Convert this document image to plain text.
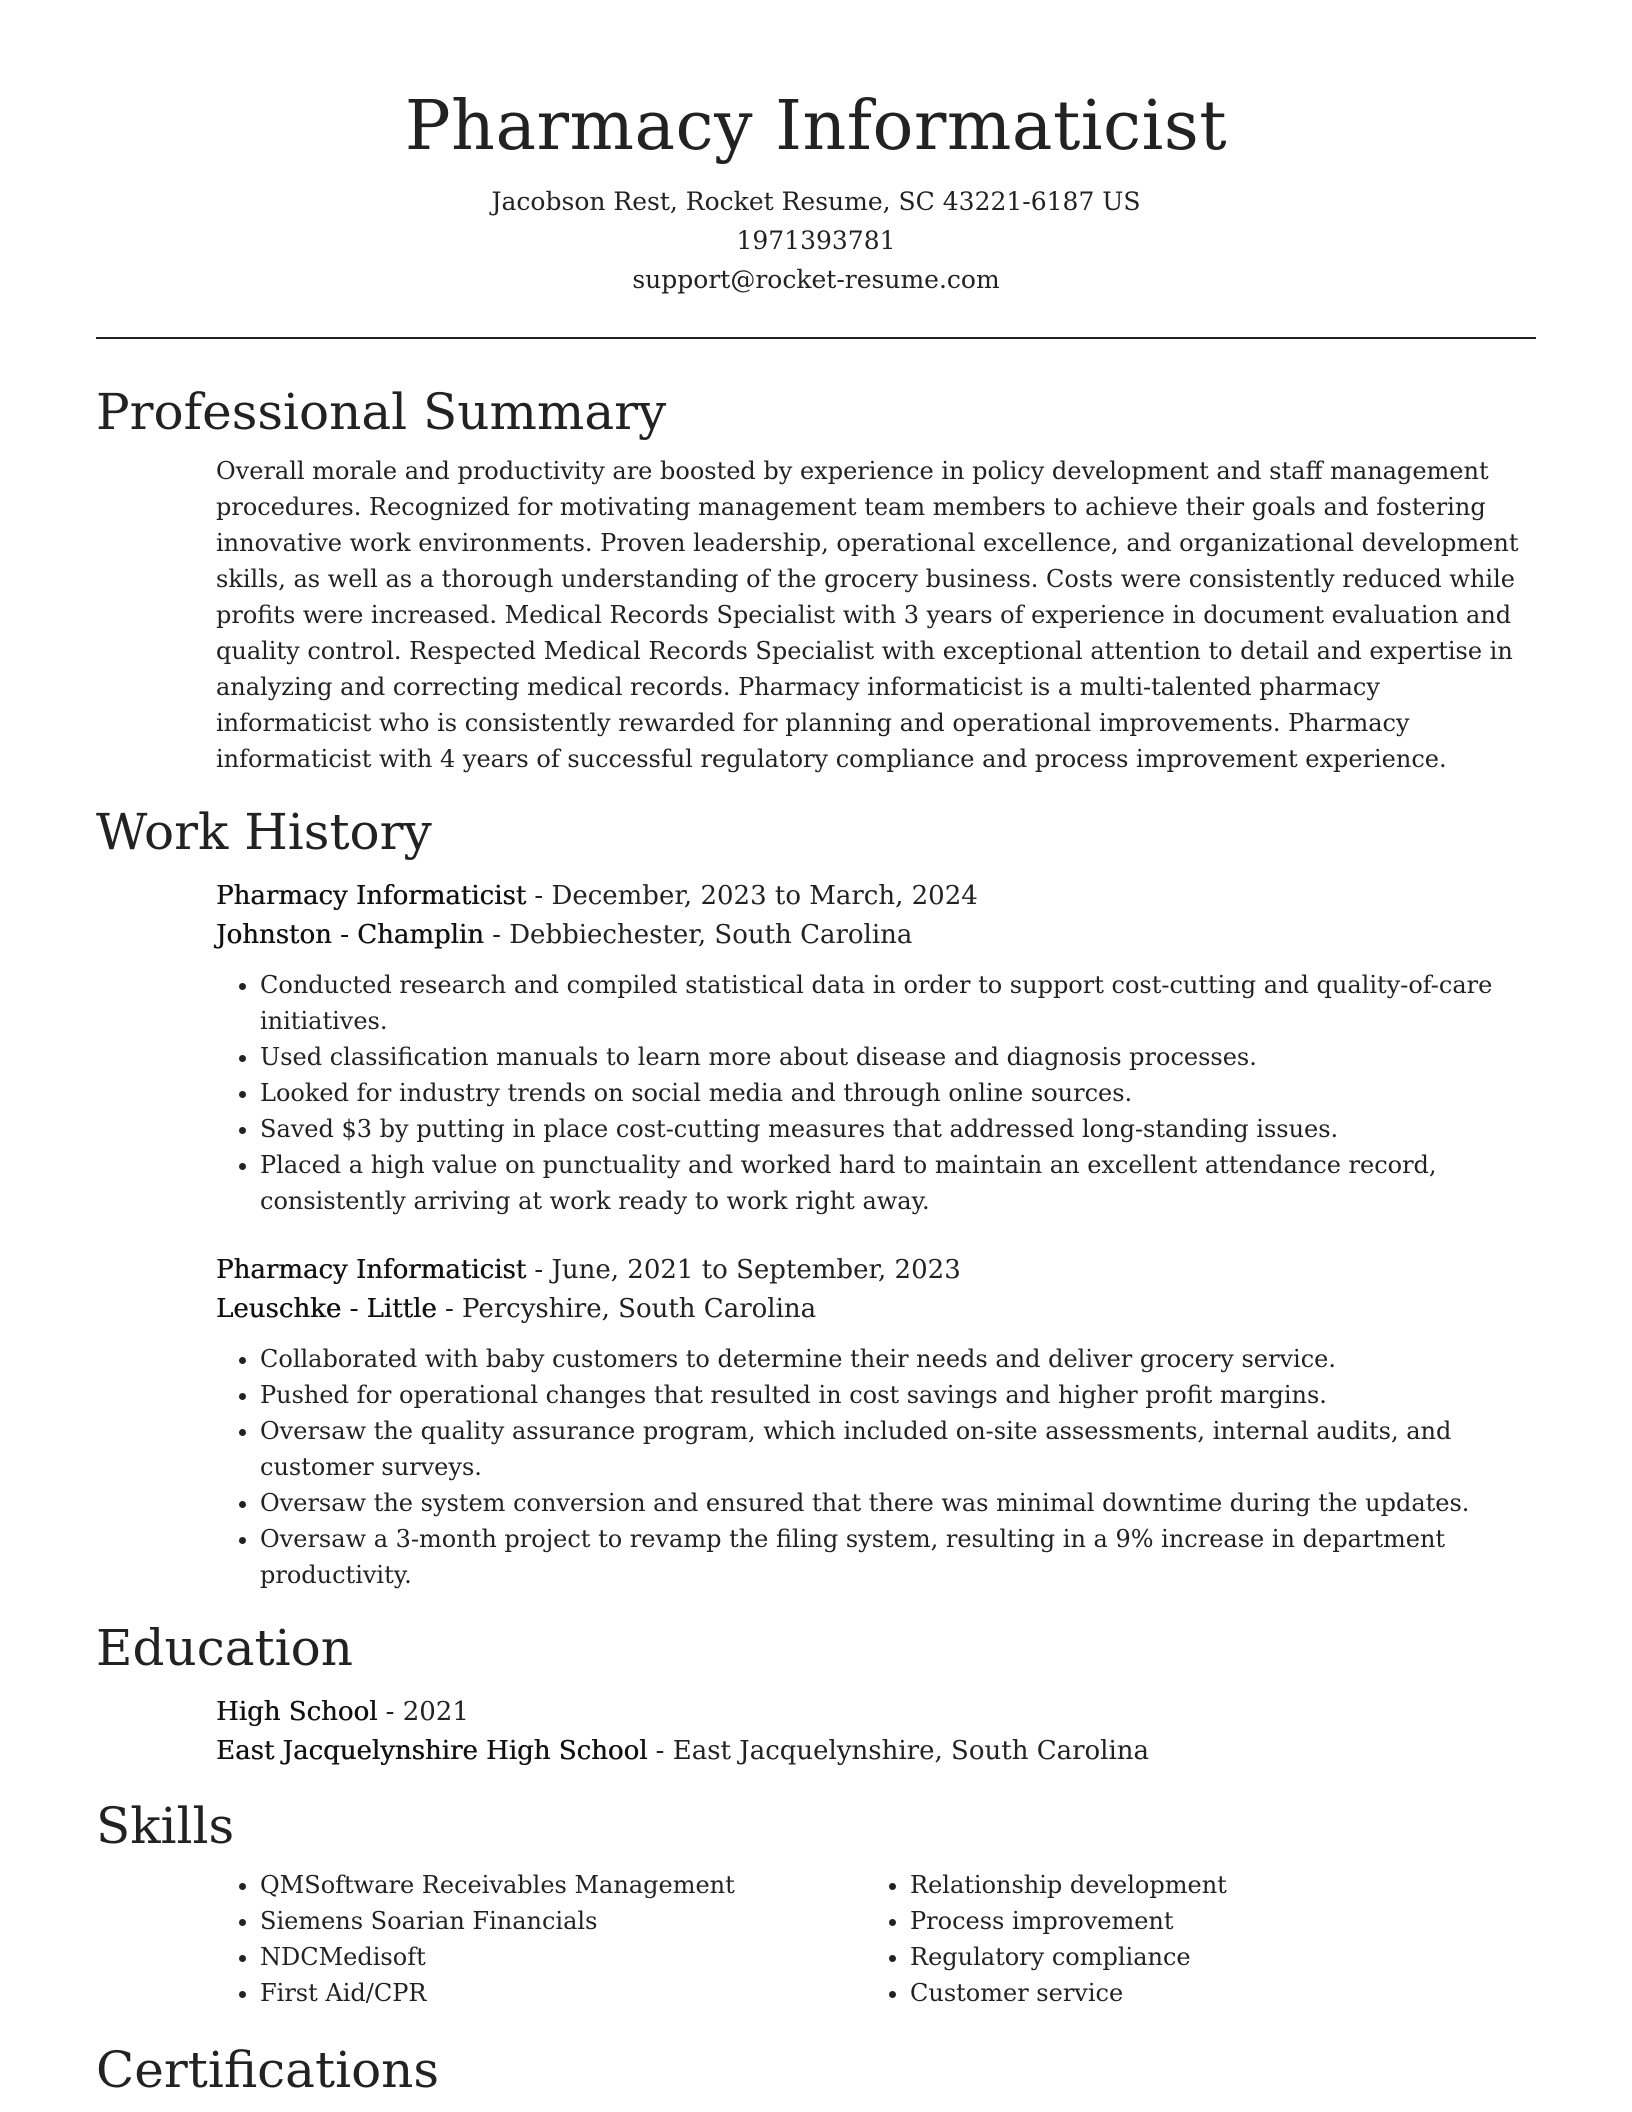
Pharmacy Informaticist

Jacobson Rest, Rocket Resume, SC 43221-6187 US

1971393781

support@rocket-resume.com

Professional Summary

Overall morale and productivity are boosted by experience in policy development and staff management procedures. Recognized for motivating management team members to achieve their goals and fostering innovative work environments. Proven leadership, operational excellence, and organizational development skills, as well as a thorough understanding of the grocery business. Costs were consistently reduced while profits were increased. Medical Records Specialist with 3 years of experience in document evaluation and quality control. Respected Medical Records Specialist with exceptional attention to detail and expertise in analyzing and correcting medical records. Pharmacy informaticist is a multi-talented pharmacy informaticist who is consistently rewarded for planning and operational improvements. Pharmacy informaticist with 4 years of successful regulatory compliance and process improvement experience.

Work History

Pharmacy Informaticist - December, 2023 to March, 2024

Johnston - Champlin - Debbiechester, South Carolina

• Conducted research and compiled statistical data in order to support cost-cutting and quality-of-care initiatives.
• Used classification manuals to learn more about disease and diagnosis processes.
• Looked for industry trends on social media and through online sources.
• Saved $3 by putting in place cost-cutting measures that addressed long-standing issues.
• Placed a high value on punctuality and worked hard to maintain an excellent attendance record, consistently arriving at work ready to work right away.

Pharmacy Informaticist - June, 2021 to September, 2023

Leuschke - Little - Percyshire, South Carolina

• Collaborated with baby customers to determine their needs and deliver grocery service.
• Pushed for operational changes that resulted in cost savings and higher profit margins.
• Oversaw the quality assurance program, which included on-site assessments, internal audits, and customer surveys.
• Oversaw the system conversion and ensured that there was minimal downtime during the updates.
• Oversaw a 3-month project to revamp the filing system, resulting in a 9% increase in department productivity.
Education

High School - 2021

East Jacquelynshire High School - East Jacquelynshire, South Carolina

Skills
• QMSoftware Receivables Management
• Siemens Soarian Financials
• NDCMedisoft
• First Aid/CPR
• Relationship development
• Process improvement
• Regulatory compliance
• Customer service
Certifications
